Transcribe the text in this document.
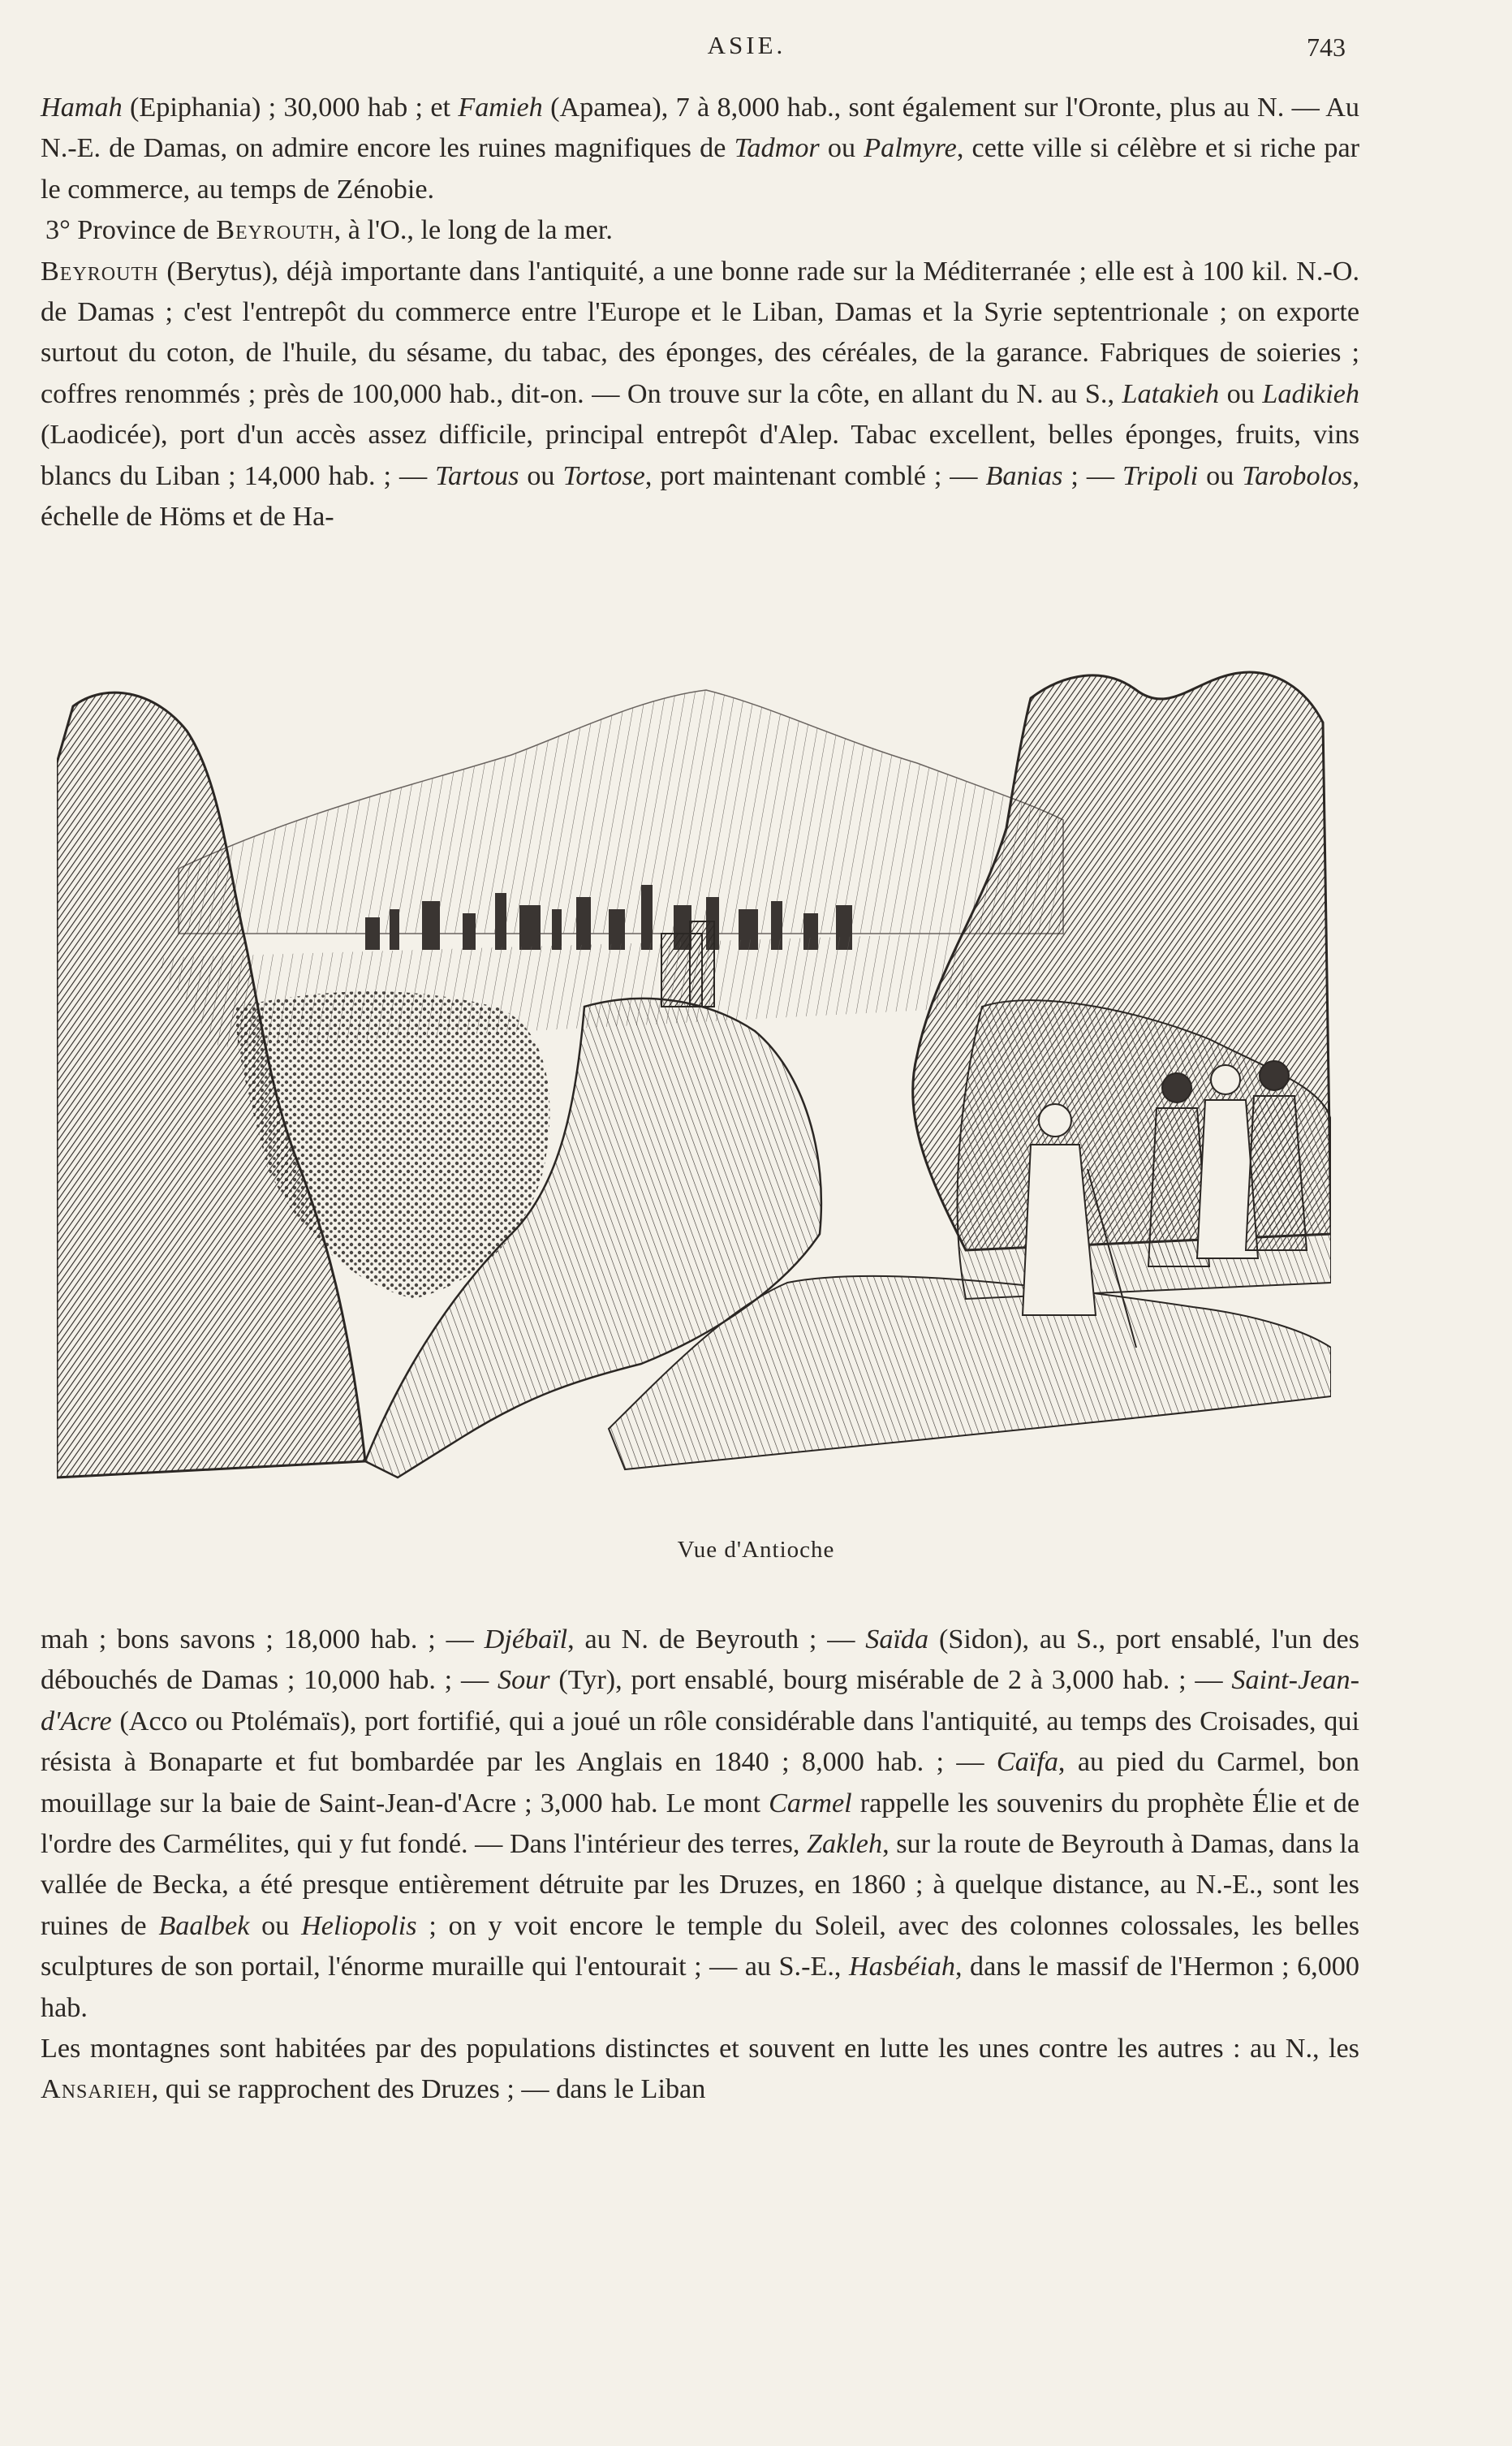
ASIE.	743

Hamah (Epiphania) ; 30,000 hab ; et Famieh (Apamea), 7 à 8,000 hab., sont également sur l'Oronte, plus au N. — Au N.-E. de Damas, on admire encore les ruines magnifiques de Tadmor ou Palmyre, cette ville si célèbre et si riche par le commerce, au temps de Zénobie.

3° Province de Beyrouth, à l'O., le long de la mer.

Beyrouth (Berytus), déjà importante dans l'antiquité, a une bonne rade sur la Méditerranée ; elle est à 100 kil. N.-O. de Damas ; c'est l'entrepôt du commerce entre l'Europe et le Liban, Damas et la Syrie septentrionale ; on exporte surtout du coton, de l'huile, du sésame, du tabac, des éponges, des céréales, de la garance. Fabriques de soieries ; coffres renommés ; près de 100,000 hab., dit-on. — On trouve sur la côte, en allant du N. au S., Latakieh ou Ladikieh (Laodicée), port d'un accès assez difficile, principal entrepôt d'Alep. Tabac excellent, belles éponges, fruits, vins blancs du Liban ; 14,000 hab. ; — Tartous ou Tortose, port maintenant comblé ; — Banias ; — Tripoli ou Tarobolos, échelle de Höms et de Ha-

Vue d'Antioche

mah ; bons savons ; 18,000 hab. ; — Djébaïl, au N. de Beyrouth ; — Saïda (Sidon), au S., port ensablé, l'un des débouchés de Damas ; 10,000 hab. ; — Sour (Tyr), port ensablé, bourg misérable de 2 à 3,000 hab. ; — Saint-Jean-d'Acre (Acco ou Ptolémaïs), port fortifié, qui a joué un rôle considérable dans l'antiquité, au temps des Croisades, qui résista à Bonaparte et fut bombardée par les Anglais en 1840 ; 8,000 hab. ; — Caïfa, au pied du Carmel, bon mouillage sur la baie de Saint-Jean-d'Acre ; 3,000 hab. Le mont Carmel rappelle les souvenirs du prophète Élie et de l'ordre des Carmélites, qui y fut fondé. — Dans l'intérieur des terres, Zakleh, sur la route de Beyrouth à Damas, dans la vallée de Becka, a été presque entièrement détruite par les Druzes, en 1860 ; à quelque distance, au N.-E., sont les ruines de Baalbek ou Heliopolis ; on y voit encore le temple du Soleil, avec des colonnes colossales, les belles sculptures de son portail, l'énorme muraille qui l'entourait ; — au S.-E., Hasbéiah, dans le massif de l'Hermon ; 6,000 hab.

Les montagnes sont habitées par des populations distinctes et souvent en lutte les unes contre les autres : au N., les Ansarieh, qui se rapprochent des Druzes ; — dans le Liban
